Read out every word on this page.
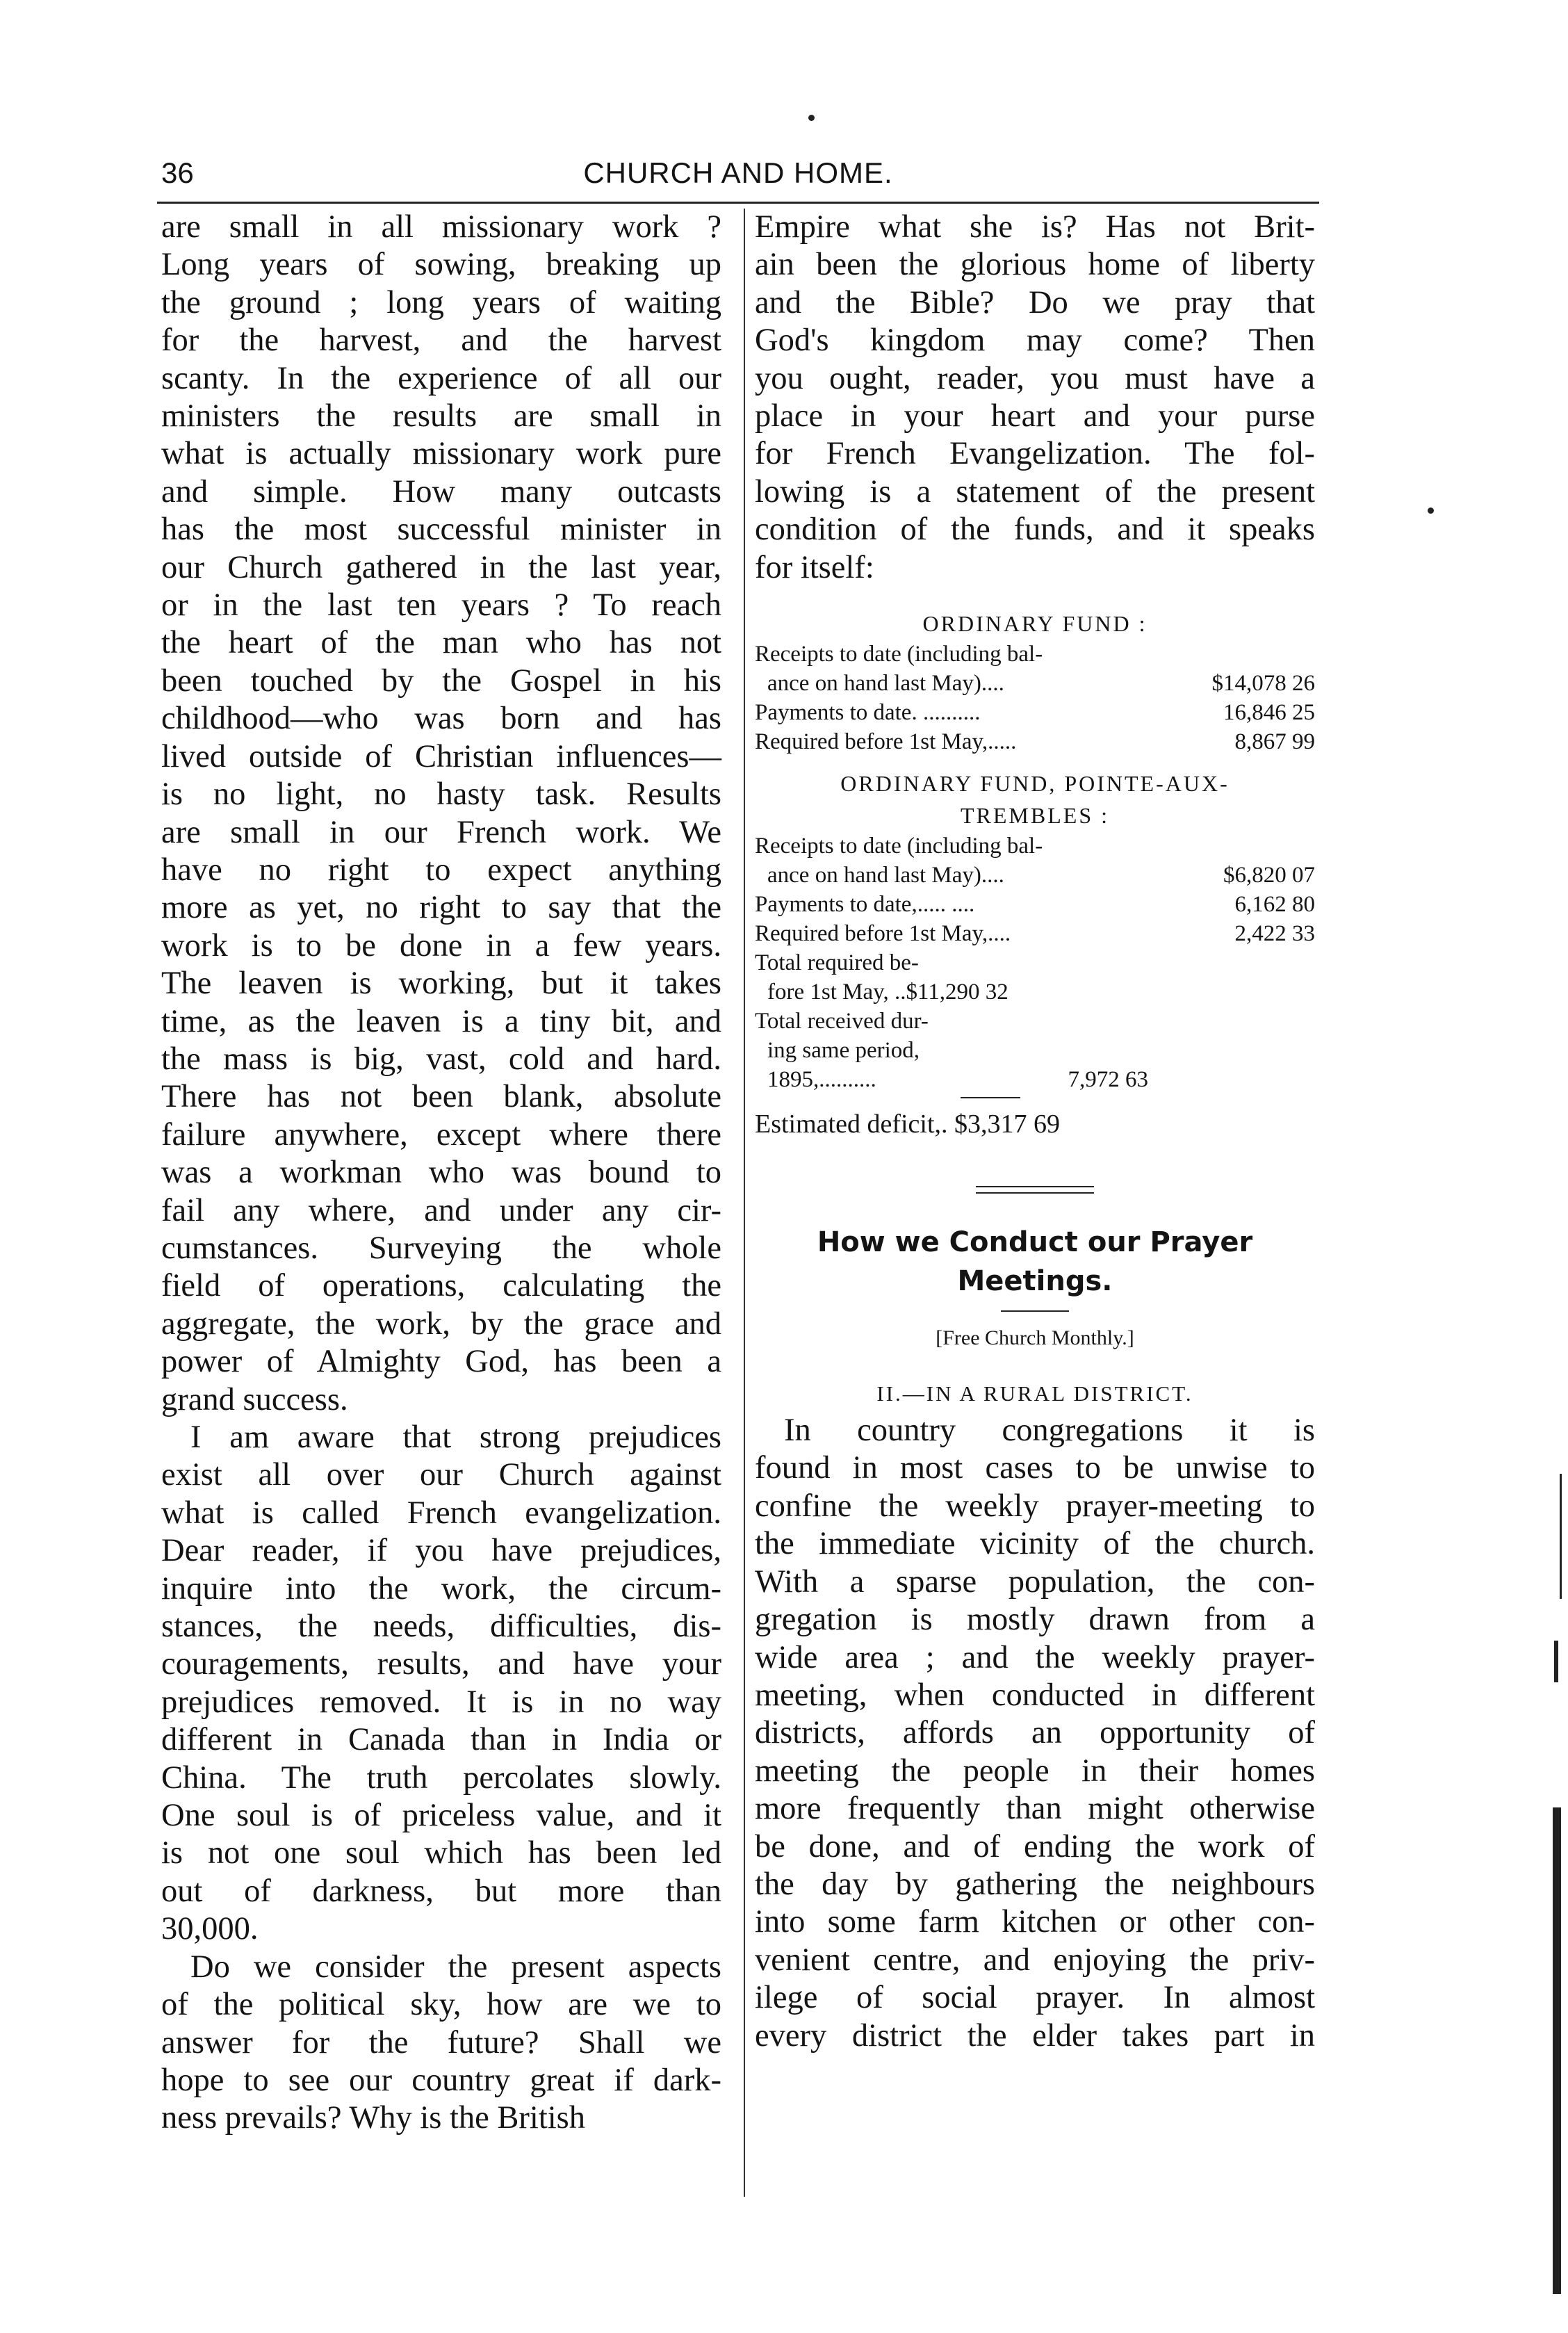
36	CHURCH AND HOME.
are small in all missionary work ?
Long years of sowing, breaking up
the ground ; long years of waiting
for the harvest, and the harvest
scanty. In the experience of all our
ministers the results are small in
what is actually missionary work pure
and simple. How many outcasts
has the most successful minister in
our Church gathered in the last year,
or in the last ten years ? To reach
the heart of the man who has not
been touched by the Gospel in his
childhood—who was born and has
lived outside of Christian influences—
is no light, no hasty task. Results
are small in our French work. We
have no right to expect anything
more as yet, no right to say that the
work is to be done in a few years.
The leaven is working, but it takes
time, as the leaven is a tiny bit, and
the mass is big, vast, cold and hard.
There has not been blank, absolute
failure anywhere, except where there
was a workman who was bound to
fail any where, and under any cir-
cumstances. Surveying the whole
field of operations, calculating the
aggregate, the work, by the grace and
power of Almighty God, has been a
grand success.
I am aware that strong prejudices
exist all over our Church against
what is called French evangelization.
Dear reader, if you have prejudices,
inquire into the work, the circum-
stances, the needs, difficulties, dis-
couragements, results, and have your
prejudices removed. It is in no way
different in Canada than in India or
China. The truth percolates slowly.
One soul is of priceless value, and it
is not one soul which has been led
out of darkness, but more than
30,000.
Do we consider the present aspects
of the political sky, how are we to
answer for the future? Shall we
hope to see our country great if dark-
ness prevails? Why is the British
Empire what she is? Has not Brit-
ain been the glorious home of liberty
and the Bible? Do we pray that
God's kingdom may come? Then
you ought, reader, you must have a
place in your heart and your purse
for French Evangelization. The fol-
lowing is a statement of the present
condition of the funds, and it speaks
for itself:
ORDINARY FUND :
Receipts to date (including bal-
ance on hand last May)....	$14,078 26
Payments to date. ..........	16,846 25
Required before 1st May,.....	8,867 99
ORDINARY FUND, POINTE-AUX-
TREMBLES :
Receipts to date (including bal-
ance on hand last May)....	$6,820 07
Payments to date,..... ....	6,162 80
Required before 1st May,....	2,422 33
Total required be-
fore 1st May, ..$11,290 32
Total received dur-
ing same period,
1895,..........	7,972 63
Estimated deficit,. $3,317 69
How we Conduct our Prayer
Meetings.
[Free Church Monthly.]
II.—IN A RURAL DISTRICT.
In country congregations it is
found in most cases to be unwise to
confine the weekly prayer-meeting to
the immediate vicinity of the church.
With a sparse population, the con-
gregation is mostly drawn from a
wide area ; and the weekly prayer-
meeting, when conducted in different
districts, affords an opportunity of
meeting the people in their homes
more frequently than might otherwise
be done, and of ending the work of
the day by gathering the neighbours
into some farm kitchen or other con-
venient centre, and enjoying the priv-
ilege of social prayer. In almost
every district the elder takes part in
